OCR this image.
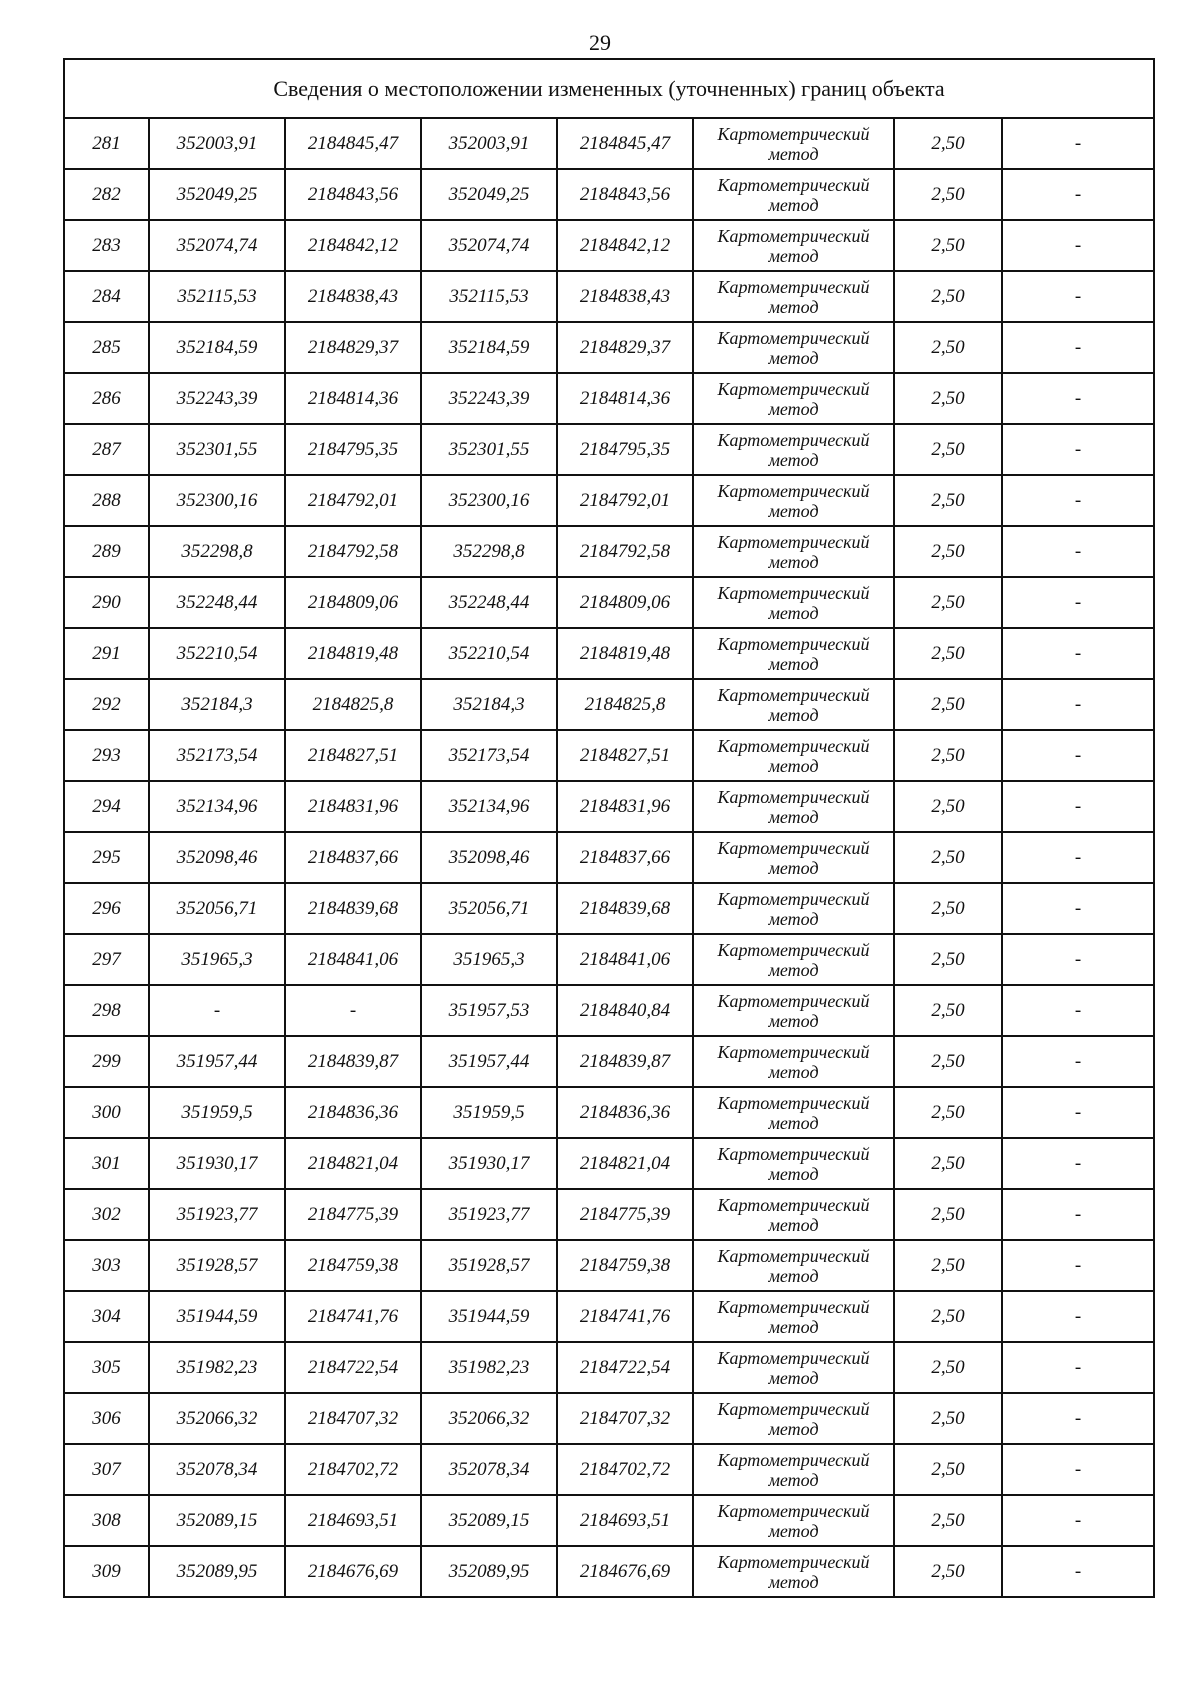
29
Сведения о местоположении измененных (уточненных) границ объекта							
281	352003,91	2184845,47	352003,91	2184845,47	Картометрический метод	2,50	-
282	352049,25	2184843,56	352049,25	2184843,56	Картометрический метод	2,50	-
283	352074,74	2184842,12	352074,74	2184842,12	Картометрический метод	2,50	-
284	352115,53	2184838,43	352115,53	2184838,43	Картометрический метод	2,50	-
285	352184,59	2184829,37	352184,59	2184829,37	Картометрический метод	2,50	-
286	352243,39	2184814,36	352243,39	2184814,36	Картометрический метод	2,50	-
287	352301,55	2184795,35	352301,55	2184795,35	Картометрический метод	2,50	-
288	352300,16	2184792,01	352300,16	2184792,01	Картометрический метод	2,50	-
289	352298,8	2184792,58	352298,8	2184792,58	Картометрический метод	2,50	-
290	352248,44	2184809,06	352248,44	2184809,06	Картометрический метод	2,50	-
291	352210,54	2184819,48	352210,54	2184819,48	Картометрический метод	2,50	-
292	352184,3	2184825,8	352184,3	2184825,8	Картометрический метод	2,50	-
293	352173,54	2184827,51	352173,54	2184827,51	Картометрический метод	2,50	-
294	352134,96	2184831,96	352134,96	2184831,96	Картометрический метод	2,50	-
295	352098,46	2184837,66	352098,46	2184837,66	Картометрический метод	2,50	-
296	352056,71	2184839,68	352056,71	2184839,68	Картометрический метод	2,50	-
297	351965,3	2184841,06	351965,3	2184841,06	Картометрический метод	2,50	-
298	-	-	351957,53	2184840,84	Картометрический метод	2,50	-
299	351957,44	2184839,87	351957,44	2184839,87	Картометрический метод	2,50	-
300	351959,5	2184836,36	351959,5	2184836,36	Картометрический метод	2,50	-
301	351930,17	2184821,04	351930,17	2184821,04	Картометрический метод	2,50	-
302	351923,77	2184775,39	351923,77	2184775,39	Картометрический метод	2,50	-
303	351928,57	2184759,38	351928,57	2184759,38	Картометрический метод	2,50	-
304	351944,59	2184741,76	351944,59	2184741,76	Картометрический метод	2,50	-
305	351982,23	2184722,54	351982,23	2184722,54	Картометрический метод	2,50	-
306	352066,32	2184707,32	352066,32	2184707,32	Картометрический метод	2,50	-
307	352078,34	2184702,72	352078,34	2184702,72	Картометрический метод	2,50	-
308	352089,15	2184693,51	352089,15	2184693,51	Картометрический метод	2,50	-
309	352089,95	2184676,69	352089,95	2184676,69	Картометрический метод	2,50	-
